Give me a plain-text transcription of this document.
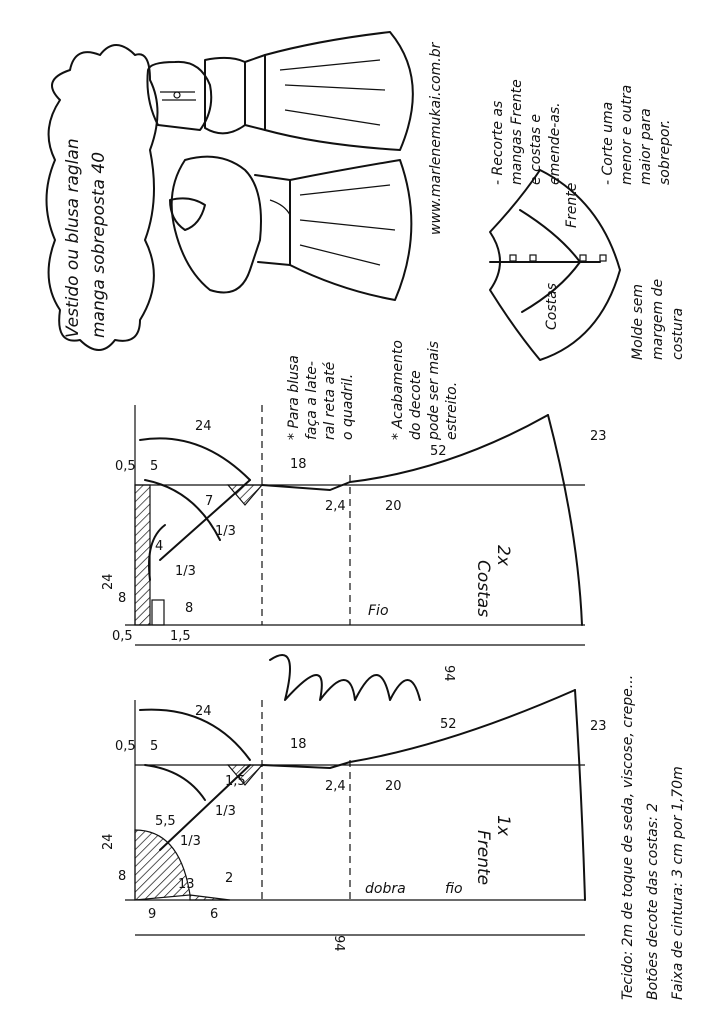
Vestido ou blusa raglan manga sobreposta 40
www.marlenemukai.com.br	Frente
Costas
- Recorte as mangas Frente e costas e emende-as.	- Corte uma menor e outra maior para sobrepor.
Molde sem margem de costura
* Para blusa faça a late- ral reta até o quadril. * Acabamento do decote pode ser mais estreito.
24
24
0,5 5
7
1/3
1/3
4
8
0,5	1,5
8
18
2,4	20
52
23
94
Costas
2x
Fio
24
24
0,5 5
1/3
1/3
5,5
1,5
8
9
13 2
6
18
2,4	20
52	23
94
Frente
1x
dobra	fio	Tecido: 2m de toque de seda, viscose, crepe... Botões decote das costas: 2 Faixa de cintura: 3 cm por 1,70m
